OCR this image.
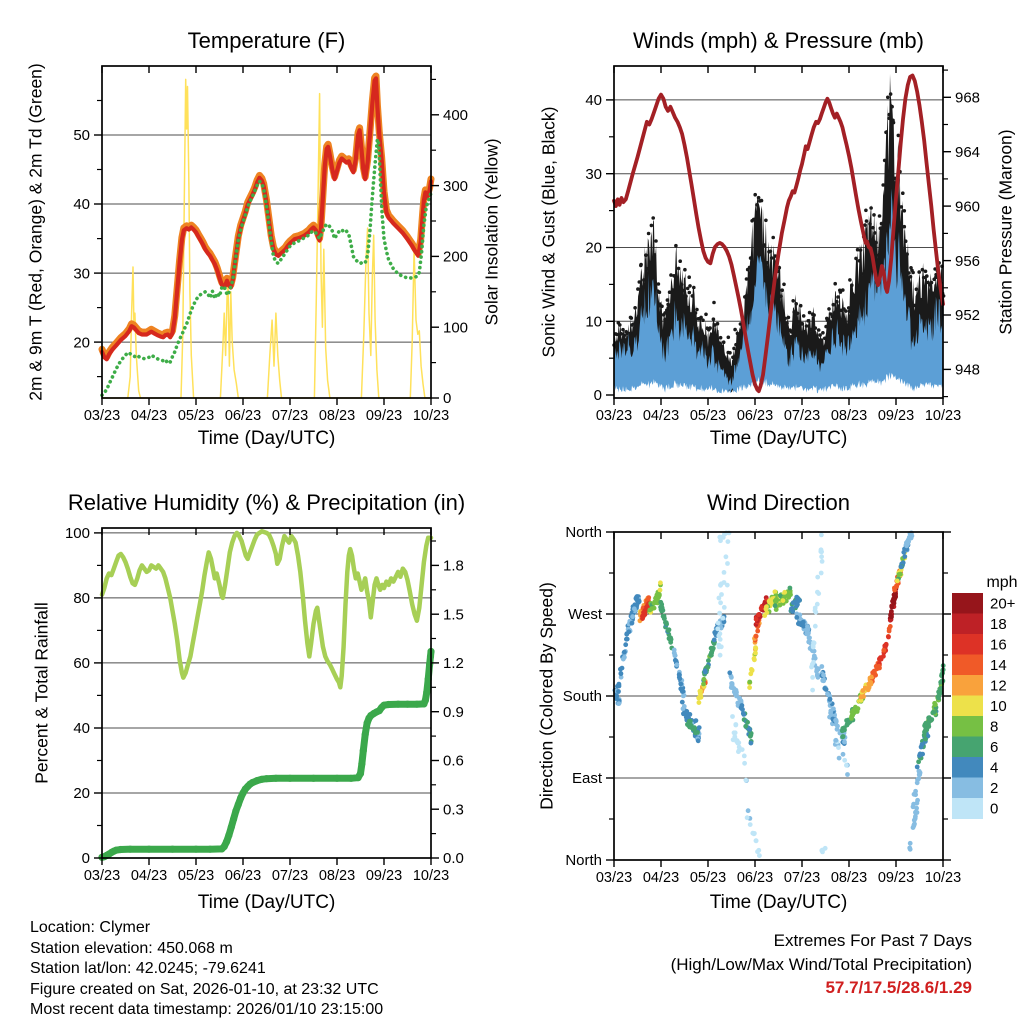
03/23 04/23 05/23 06/23 07/23 08/23 09/23 10/23
20
30
40
50
0
100
200
300
400
03/23 04/23 05/23 06/23 07/23 08/23 09/23 10/23
0
10
20
30
40
948
952
956
960
964
968
03/23 04/23 05/23 06/23 07/23 08/23 09/23 10/23
0
20
40
60
80
100
0.0
0.3
0.6
0.9
1.2
1.5
1.8
03/23 04/23 05/23 06/23 07/23 08/23 09/23 10/23
North
East
South
West
North
mph
20+
18
16
14
12
10
8
6
4
2
0
Temperature (F)	Winds (mph) & Pressure (mb)
Relative Humidity (%) & Precipitation (in)	Wind Direction
Time (Day/UTC)	Time (Day/UTC)
Time (Day/UTC)	Time (Day/UTC)
2m & 9m T (Red, Orange) & 2m Td (Green)	Solar Insolation (Yellow) Sonic Wind & Gust (Blue, Black)	Station Pressure (Maroon)
Percent & Total Rainfall	Direction (Colored By Speed)
Location: Clymer
Station elevation: 450.068 m
Station lat/lon: 42.0245; -79.6241
Figure created on Sat, 2026-01-10, at 23:32 UTC
Most recent data timestamp: 2026/01/10 23:15:00
Extremes For Past 7 Days
(High/Low/Max Wind/Total Precipitation)
57.7/17.5/28.6/1.29
